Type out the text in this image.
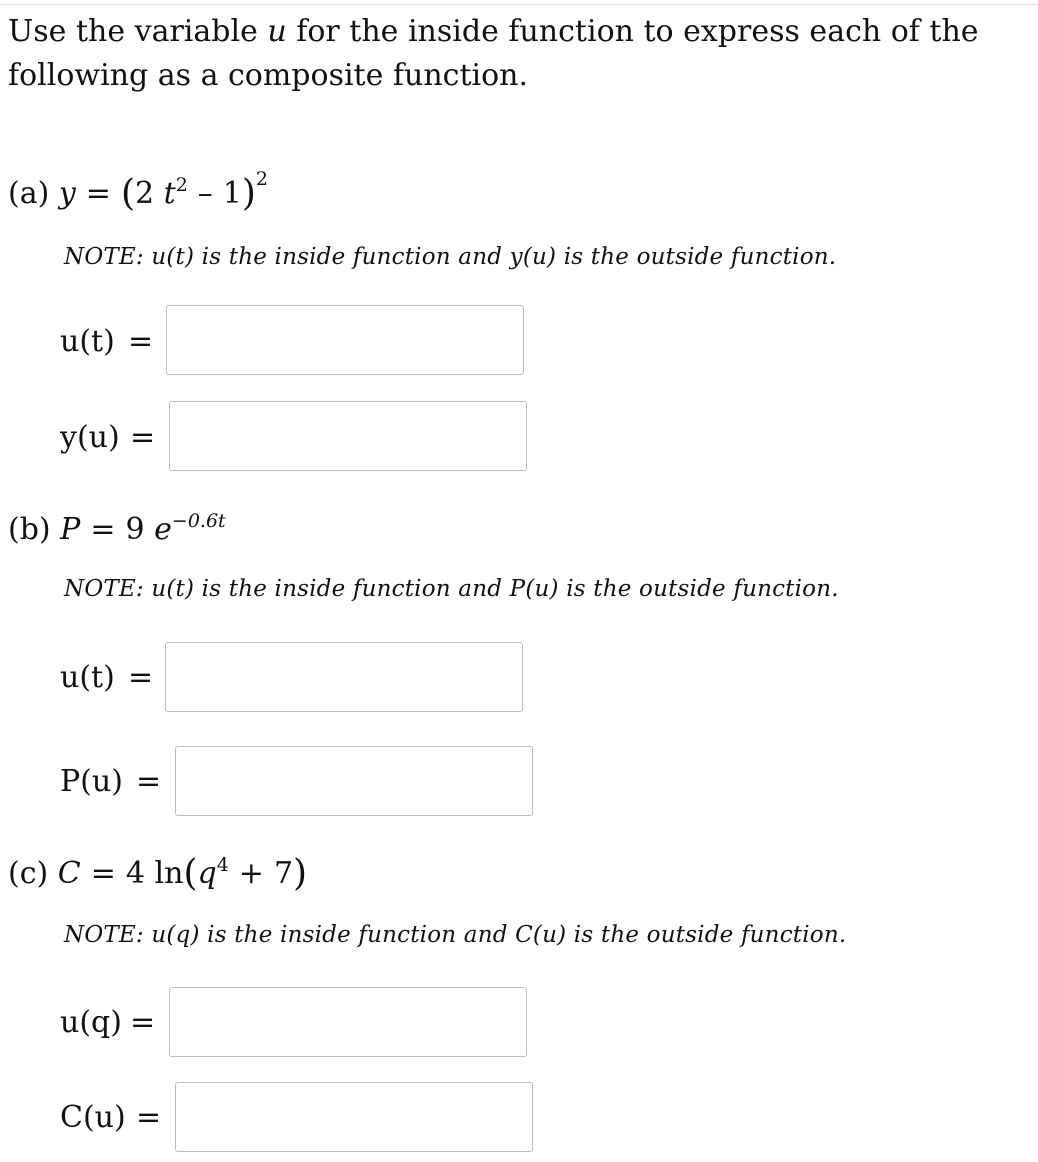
Use the variable u for the inside function to express each of the following as a composite function.
(a) y = (2 $t^2 - 1)^2$
NOTE: u(t) is the inside function and y(u) is the outside function.
u(t) =
y(u) =
(b) P = 9 $e^{-0.6t}$
NOTE: u(t) is the inside function and P(u) is the outside function.
u(t) =
P(u) =
(c) C = 4 $\ln(q^4 + 7)$
NOTE: u(q) is the inside function and C(u) is the outside function.
u(q) =
C(u) =
